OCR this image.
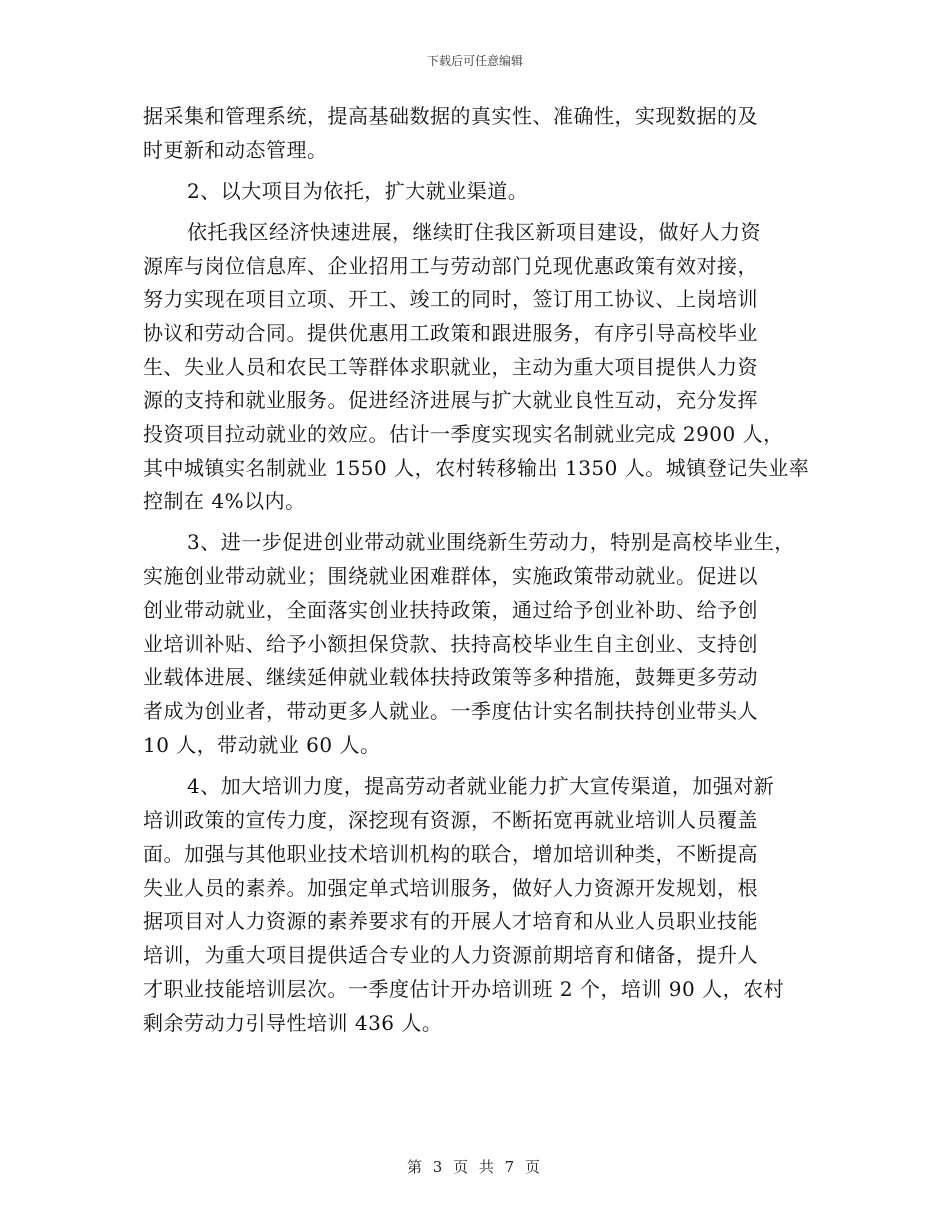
下载后可任意编辑
据采集和管理系统，提高基础数据的真实性、准确性，实现数据的及
时更新和动态管理。
2、以大项目为依托，扩大就业渠道。
依托我区经济快速进展，继续盯住我区新项目建设，做好人力资
源库与岗位信息库、企业招用工与劳动部门兑现优惠政策有效对接，
努力实现在项目立项、开工、竣工的同时，签订用工协议、上岗培训
协议和劳动合同。提供优惠用工政策和跟进服务，有序引导高校毕业
生、失业人员和农民工等群体求职就业，主动为重大项目提供人力资
源的支持和就业服务。促进经济进展与扩大就业良性互动，充分发挥
投资项目拉动就业的效应。估计一季度实现实名制就业完成 2900 人，
其中城镇实名制就业 1550 人，农村转移输出 1350 人。城镇登记失业率
控制在 4%以内。
3、进一步促进创业带动就业围绕新生劳动力，特别是高校毕业生，
实施创业带动就业；围绕就业困难群体，实施政策带动就业。促进以
创业带动就业，全面落实创业扶持政策，通过给予创业补助、给予创
业培训补贴、给予小额担保贷款、扶持高校毕业生自主创业、支持创
业载体进展、继续延伸就业载体扶持政策等多种措施，鼓舞更多劳动
者成为创业者，带动更多人就业。一季度估计实名制扶持创业带头人
10 人，带动就业 60 人。
4、加大培训力度，提高劳动者就业能力扩大宣传渠道，加强对新
培训政策的宣传力度，深挖现有资源，不断拓宽再就业培训人员覆盖
面。加强与其他职业技术培训机构的联合，增加培训种类，不断提高
失业人员的素养。加强定单式培训服务，做好人力资源开发规划，根
据项目对人力资源的素养要求有的开展人才培育和从业人员职业技能
培训，为重大项目提供适合专业的人力资源前期培育和储备，提升人
才职业技能培训层次。一季度估计开办培训班 2 个，培训 90 人，农村
剩余劳动力引导性培训 436 人。
第 3 页 共 7 页
